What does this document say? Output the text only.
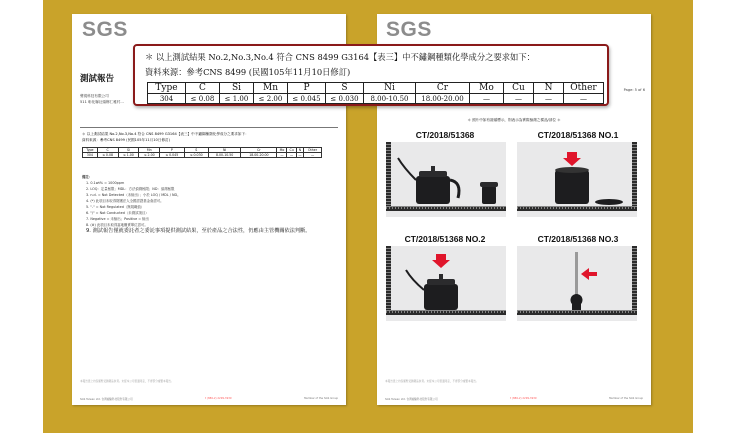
SGS
測試報告
聲視科技有限公司
511 彰化縣社頭鄉仁雅村...
＊ 以上測試結果 No.2,No.3,No.4 符合 CNS 8499 G3164【表三】中不鏽鋼種類化學成分之要求如下：
資料來源：參考CNS 8499 (民國105年11月10日修訂)
Type	C	Si	Mn	P	S	Ni	Cr	Mo	Cu	N	Other
304	≤ 0.08	≤ 1.00	≤ 2.00	≤ 0.045	≤ 0.030	8.00-10.50	18.00-20.00	—	—	—	—
備註：
1. 0.1wt% = 1000ppm
2. LOQ：定量極限；MDL：方法偵測極限；ND：偵測極限
3. n.d. = Not Detected（未檢出）；小於 LOQ / MDL / ND。
4. (*) 此項目未取得財團法人全國認證基金會認可。
5. "-" = Not Regulated（無規範值）
6. "/" = Not Conducted（未測試項目）
7. Negative = 未檢出；Positive = 檢出
8. (#) 此項目未取得當地權責單位認可。
9. 測試報告僅就委託者之委託事項提供測試結果，至於產品之合法性，仍應由主管機關依法判斷。
本報告書之內容僅對受測樣品負責。未經本公司書面同意，不得部分複製本報告。
SGS Taiwan Ltd. 台灣檢驗科技股份有限公司	t (886-2) 2299-3939	Member of the SGS Group
SGS
Page: 5 of 6
＊ 照片中如有箭頭標示，則表示為實際檢測之樣品/部位 ＊
CT/2018/51368	CT/2018/51368 NO.1
CT/2018/51368 NO.2	CT/2018/51368 NO.3
本報告書之內容僅對受測樣品負責。未經本公司書面同意，不得部分複製本報告。
SGS Taiwan Ltd. 台灣檢驗科技股份有限公司	t (886-2) 2299-3939	Member of the SGS Group
＊ 以上測試結果 No.2,No.3,No.4 符合 CNS 8499 G3164【表三】中不鏽鋼種類化學成分之要求如下：
資料來源：參考CNS 8499 (民國105年11月10日修訂)
Type	C	Si	Mn	P	S	Ni	Cr	Mo	Cu	N	Other
304	≤ 0.08	≤ 1.00	≤ 2.00	≤ 0.045	≤ 0.030	8.00-10.50	18.00-20.00	—	—	—	—
